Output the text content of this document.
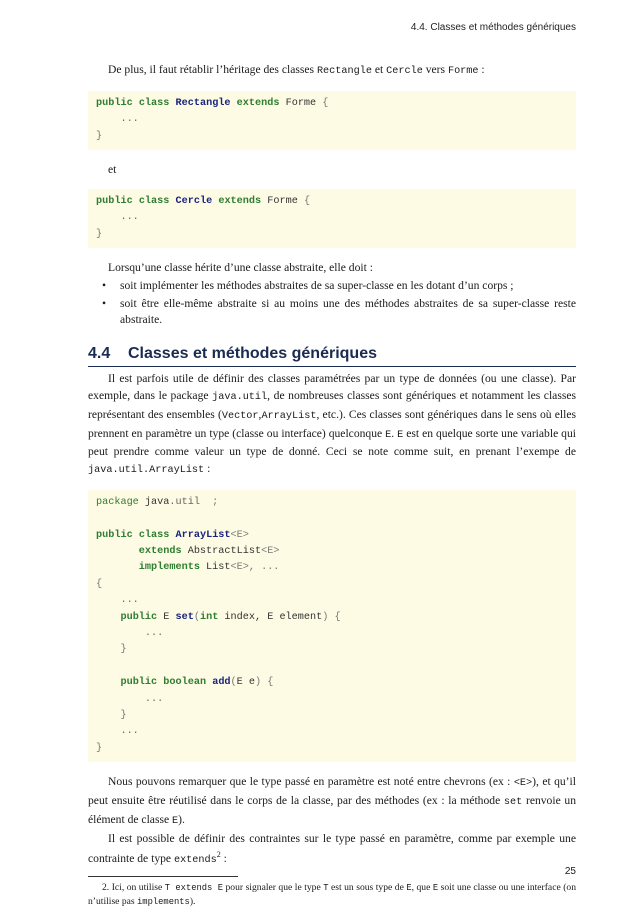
4.4. Classes et méthodes génériques

De plus, il faut rétablir l’héritage des classes Rectangle et Cercle vers Forme :

public class Rectangle extends Forme {
...
}

et

public class Cercle extends Forme {
...
}

Lorsqu’une classe hérite d’une classe abstraite, elle doit :

• soit implémenter les méthodes abstraites de sa super-classe en les dotant d’un corps ;

• soit être elle-même abstraite si au moins une des méthodes abstraites de sa super-classe reste abstraite.

4.4 Classes et méthodes génériques

Il est parfois utile de définir des classes paramétrées par un type de données (ou une classe). Par exemple, dans le package java.util, de nombreuses classes sont génériques et notamment les classes représentant des ensembles (Vector,ArrayList, etc.). Ces classes sont génériques dans le sens où elles prennent en paramètre un type (classe ou interface) quelconque E. E est en quelque sorte une variable qui peut prendre comme valeur un type de donné. Ceci se note comme suit, en prenant l’exempe de java.util.ArrayList :

package java.util  ;

public class ArrayList<E>
extends AbstractList<E>
implements List<E>, ...
{
...
public E set(int index, E element) {
...
}

public boolean add(E e) {
...
}
...
}

Nous pouvons remarquer que le type passé en paramètre est noté entre chevrons (ex : <E>), et qu’il peut ensuite être réutilisé dans le corps de la classe, par des méthodes (ex : la méthode set renvoie un élément de classe E).

Il est possible de définir des contraintes sur le type passé en paramètre, comme par exemple une contrainte de type extends$^2$ :

2. Ici, on utilise T extends E pour signaler que le type T est un sous type de E, que E soit une classe ou une interface (on n’utilise pas implements).

25
